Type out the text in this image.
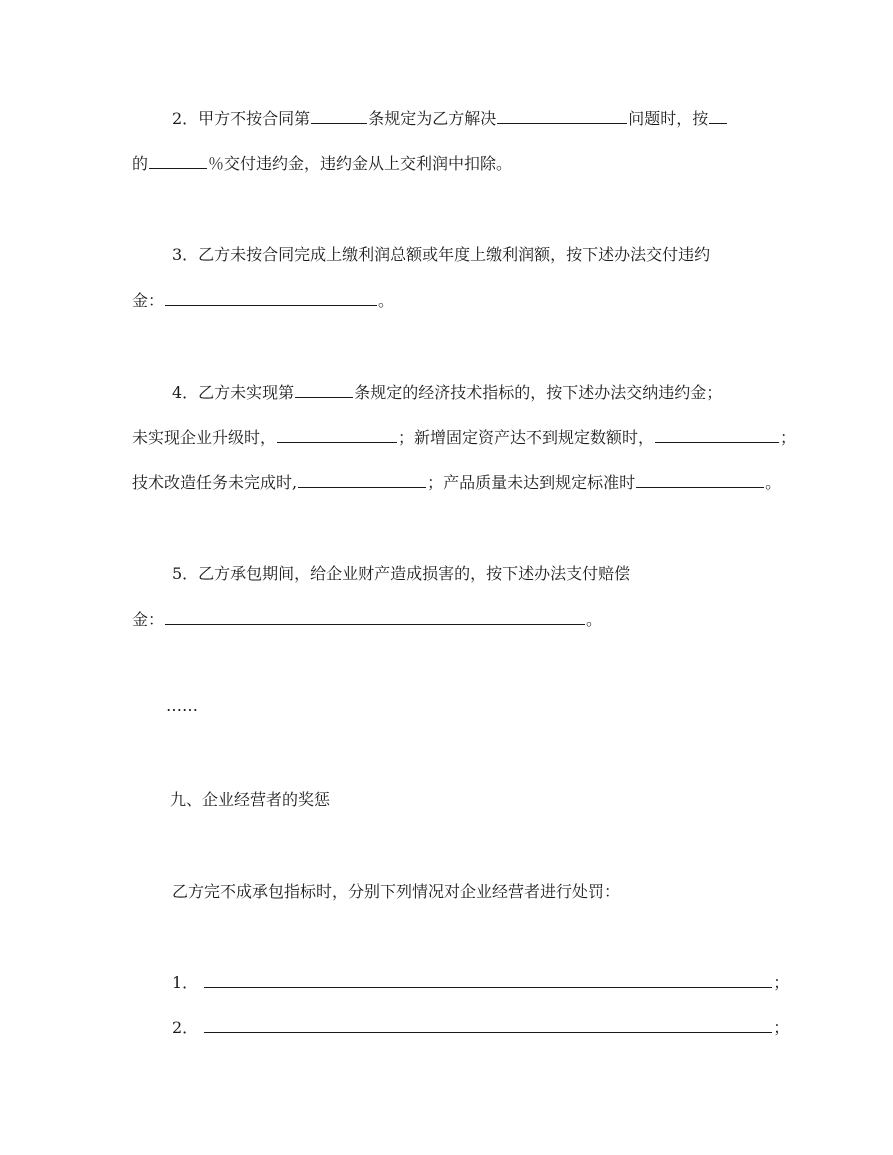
2．甲方不按合同第	条规定为乙方解决	问题时，按
的	％交付违约金，违约金从上交利润中扣除。
3．乙方未按合同完成上缴利润总额或年度上缴利润额，按下述办法交付违约
金：	。
4．乙方未实现第	条规定的经济技术指标的，按下述办法交纳违约金；
未实现企业升级时，	；新增固定资产达不到规定数额时，	；
技术改造任务未完成时,	；产品质量未达到规定标准时	。
5．乙方承包期间，给企业财产造成损害的，按下述办法支付赔偿
金：	。
……
九、企业经营者的奖惩
乙方完不成承包指标时，分别下列情况对企业经营者进行处罚：
1．	；
2．	；
